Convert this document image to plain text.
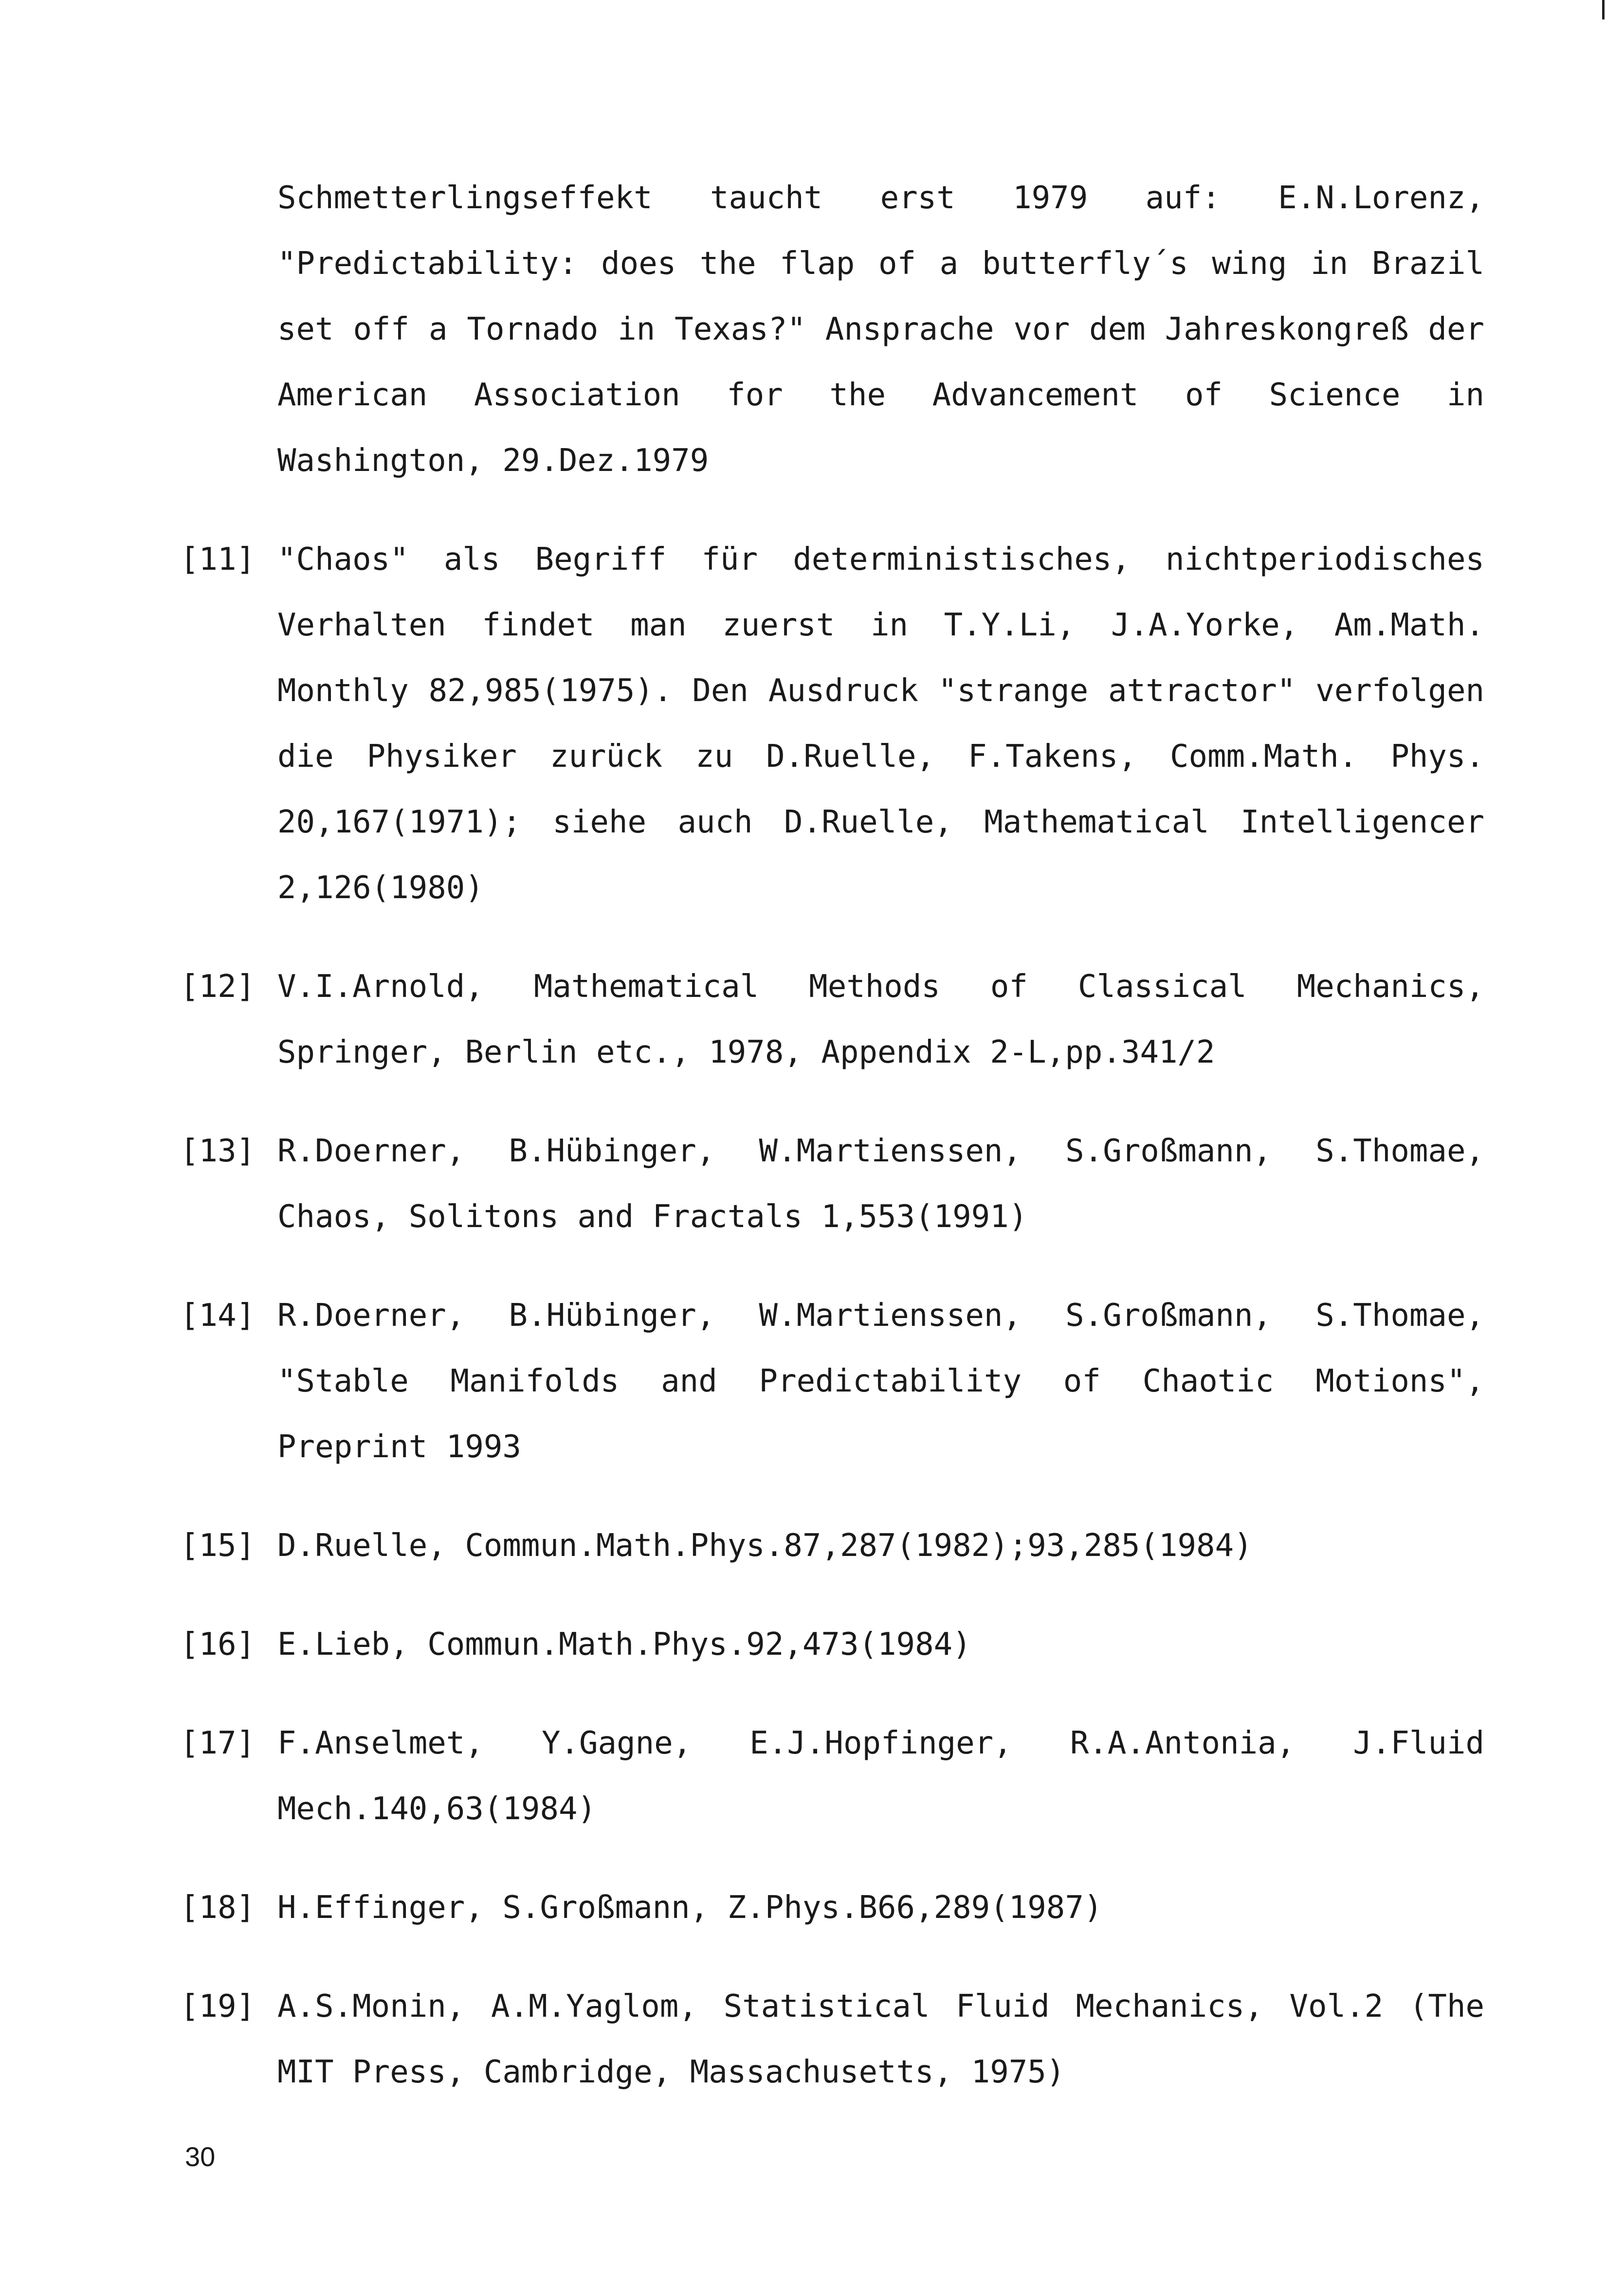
Schmetterlingseffekt taucht erst 1979 auf: E.N.Lorenz, "Predictability: does the flap of a butterfly´s wing in Brazil set off a Tornado in Texas?" Ansprache vor dem Jahreskongreß der American Association for the Advancement of Science in Washington, 29.Dez.1979
[11] "Chaos" als Begriff für deterministisches, nichtperiodisches Verhalten findet man zuerst in T.Y.Li, J.A.Yorke, Am.Math. Monthly 82,985(1975). Den Ausdruck "strange attractor" verfolgen die Physiker zurück zu D.Ruelle, F.Takens, Comm.Math. Phys. 20,167(1971); siehe auch D.Ruelle, Mathematical Intelligencer 2,126(1980)
[12] V.I.Arnold, Mathematical Methods of Classical Mechanics, Springer, Berlin etc., 1978, Appendix 2-L,pp.341/2
[13] R.Doerner, B.Hübinger, W.Martienssen, S.Großmann, S.Thomae, Chaos, Solitons and Fractals 1,553(1991)
[14] R.Doerner, B.Hübinger, W.Martienssen, S.Großmann, S.Thomae, "Stable Manifolds and Predictability of Chaotic Motions", Preprint 1993
[15] D.Ruelle, Commun.Math.Phys.87,287(1982);93,285(1984)
[16] E.Lieb, Commun.Math.Phys.92,473(1984)
[17] F.Anselmet, Y.Gagne, E.J.Hopfinger, R.A.Antonia, J.Fluid Mech.140,63(1984)
[18] H.Effinger, S.Großmann, Z.Phys.B66,289(1987)
[19] A.S.Monin, A.M.Yaglom, Statistical Fluid Mechanics, Vol.2 (The MIT Press, Cambridge, Massachusetts, 1975)
30
